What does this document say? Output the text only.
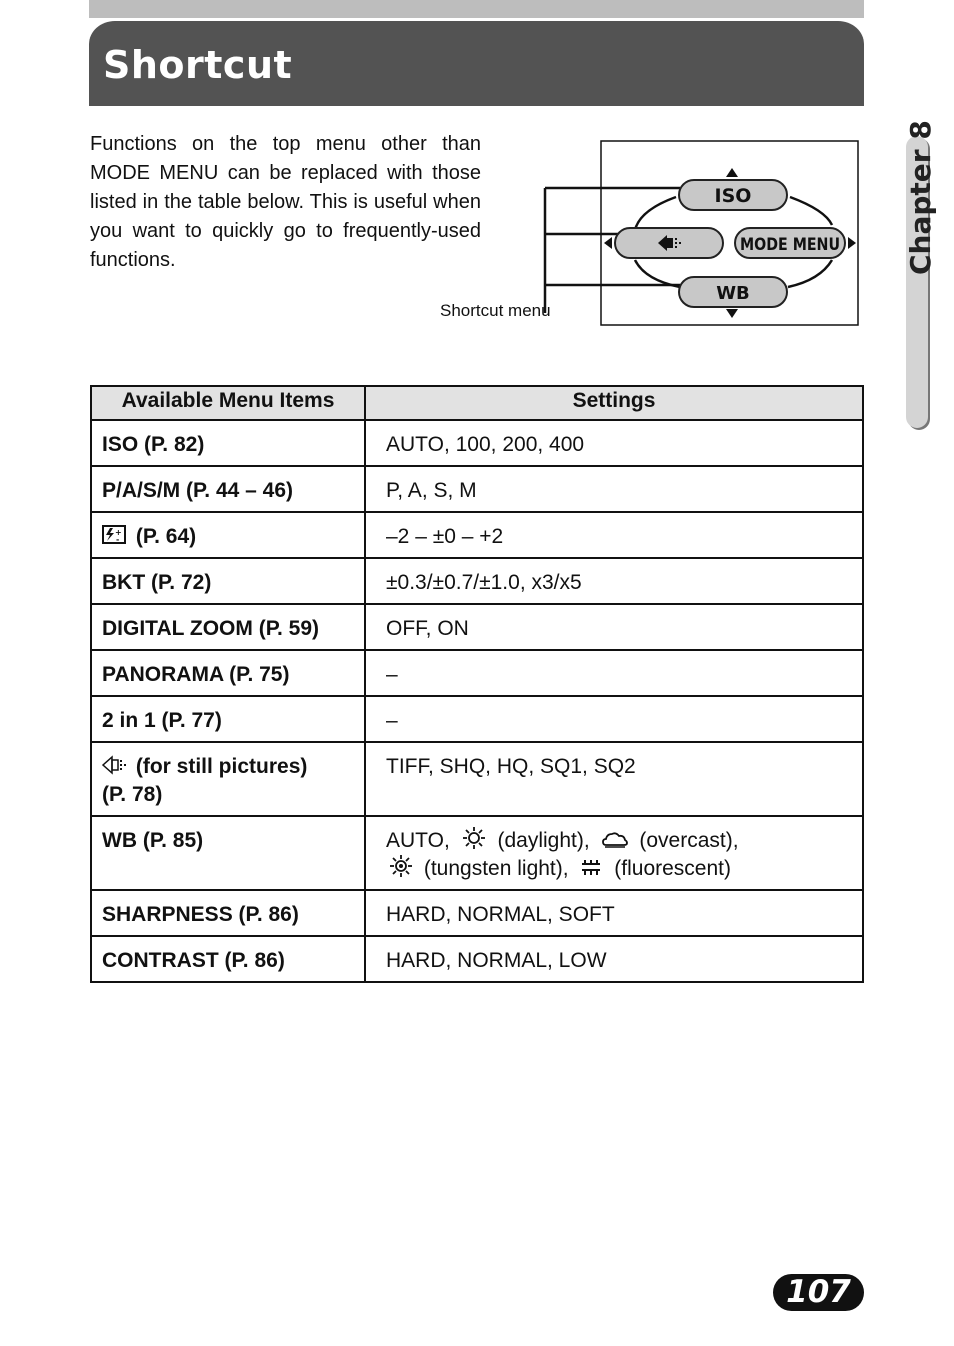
Shortcut

Functions on the top menu other than MODE MENU can be replaced with those listed in the table below. This is useful when you want to quickly go to frequently-used functions.

ISO
MODE MENU
WB
Shortcut menu
Chapter 8
Available Menu Items	Settings
ISO (P. 82)	AUTO, 100, 200, 400
P/A/S/M (P. 44 – 46)	P, A, S, M

+
- (P. 64)	–2 – ±0 – +2
BKT (P. 72)	±0.3/±0.7/±1.0, x3/x5
DIGITAL ZOOM (P. 59)	OFF, ON
PANORAMA (P. 75)	–
2 in 1 (P. 77)	–
(for still pictures)
(P. 78)	TIFF, SHQ, HQ, SQ1, SQ2
WB (P. 85)	AUTO, (daylight), (overcast),
(tungsten light), (fluorescent)
SHARPNESS (P. 86)	HARD, NORMAL, SOFT
CONTRAST (P. 86)	HARD, NORMAL, LOW
107
